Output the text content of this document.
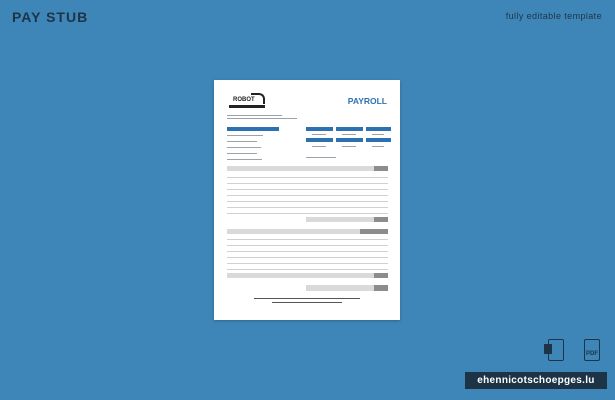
PAY STUB	fully editable template
ROBOT	PAYROLL
PDF
ehennicotschoepges.lu
